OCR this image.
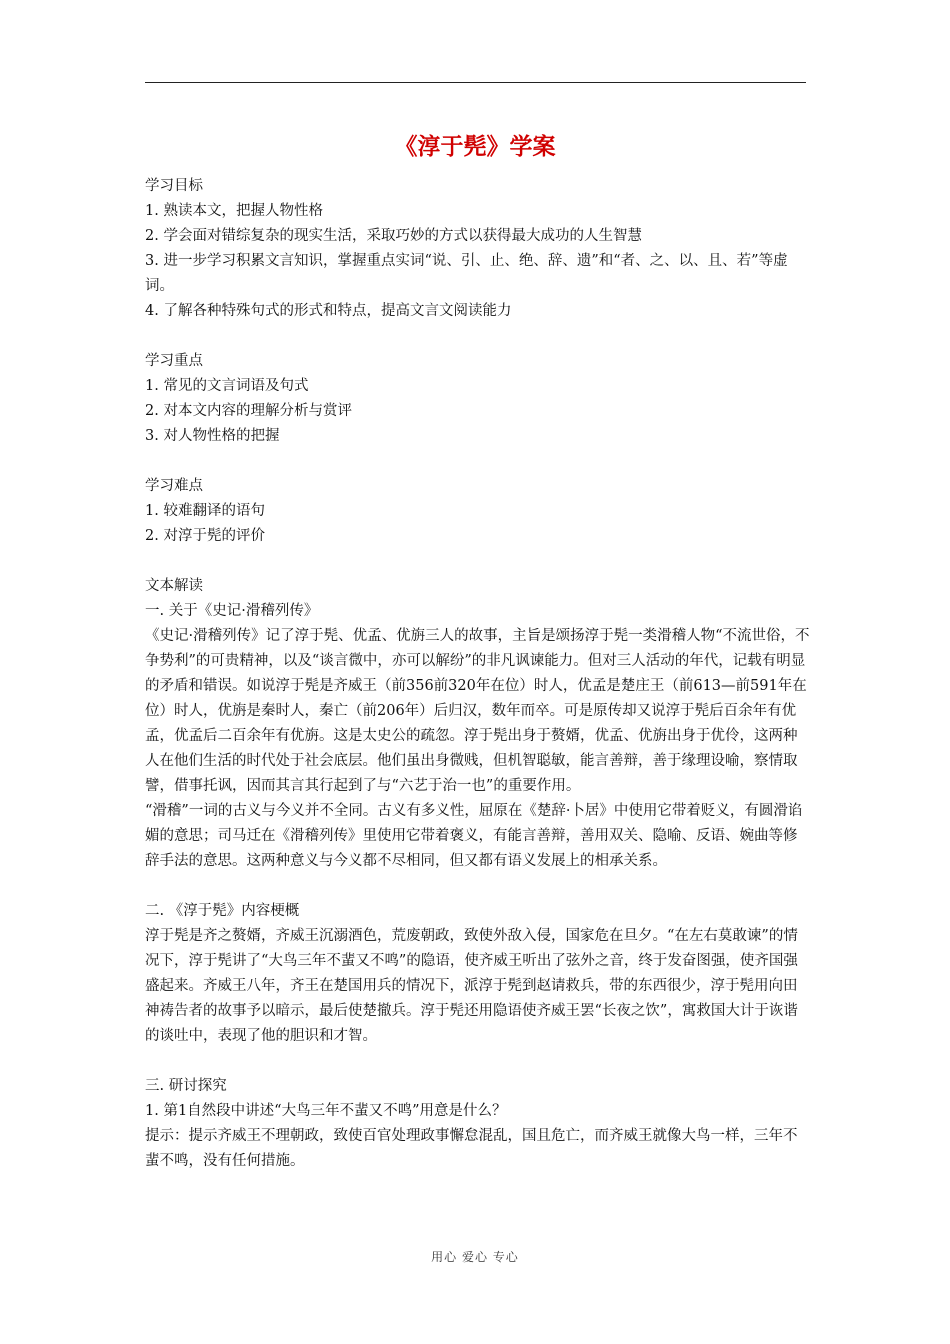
《淳于髡》学案

学习目标

1. 熟读本文，把握人物性格

2. 学会面对错综复杂的现实生活，采取巧妙的方式以获得最大成功的人生智慧

3. 进一步学习积累文言知识，掌握重点实词“说、引、止、绝、辞、遗”和“者、之、以、且、若”等虚词。

4. 了解各种特殊句式的形式和特点，提高文言文阅读能力

学习重点

1. 常见的文言词语及句式

2. 对本文内容的理解分析与赏评

3. 对人物性格的把握

学习难点

1. 较难翻译的语句

2. 对淳于髡的评价

文本解读

一. 关于《史记·滑稽列传》

《史记·滑稽列传》记了淳于髡、优孟、优旃三人的故事，主旨是颂扬淳于髡一类滑稽人物“不流世俗，不争势利”的可贵精神，以及“谈言微中，亦可以解纷”的非凡讽谏能力。但对三人活动的年代，记载有明显的矛盾和错误。如说淳于髡是齐威王（前356前320年在位）时人，优孟是楚庄王（前613—前591年在位）时人，优旃是秦时人，秦亡（前206年）后归汉，数年而卒。可是原传却又说淳于髡后百余年有优孟，优孟后二百余年有优旃。这是太史公的疏忽。淳于髡出身于赘婿，优孟、优旃出身于优伶，这两种人在他们生活的时代处于社会底层。他们虽出身微贱，但机智聪敏，能言善辩，善于缘理设喻，察情取譬，借事托讽，因而其言其行起到了与“六艺于治一也”的重要作用。

“滑稽”一词的古义与今义并不全同。古义有多义性，屈原在《楚辞·卜居》中使用它带着贬义，有圆滑谄媚的意思；司马迁在《滑稽列传》里使用它带着褒义，有能言善辩，善用双关、隐喻、反语、婉曲等修辞手法的意思。这两种意义与今义都不尽相同，但又都有语义发展上的相承关系。

二. 《淳于髡》内容梗概

淳于髡是齐之赘婿，齐威王沉溺酒色，荒废朝政，致使外敌入侵，国家危在旦夕。“在左右莫敢谏”的情况下，淳于髡讲了“大鸟三年不蜚又不鸣”的隐语，使齐威王听出了弦外之音，终于发奋图强，使齐国强盛起来。齐威王八年，齐王在楚国用兵的情况下，派淳于髡到赵请救兵，带的东西很少，淳于髡用向田神祷告者的故事予以暗示，最后使楚撤兵。淳于髡还用隐语使齐威王罢“长夜之饮”，寓救国大计于诙谐的谈吐中，表现了他的胆识和才智。

三. 研讨探究

1. 第1自然段中讲述“大鸟三年不蜚又不鸣”用意是什么？

提示：提示齐威王不理朝政，致使百官处理政事懈怠混乱，国且危亡，而齐威王就像大鸟一样，三年不蜚不鸣，没有任何措施。

用心 爱心 专心
